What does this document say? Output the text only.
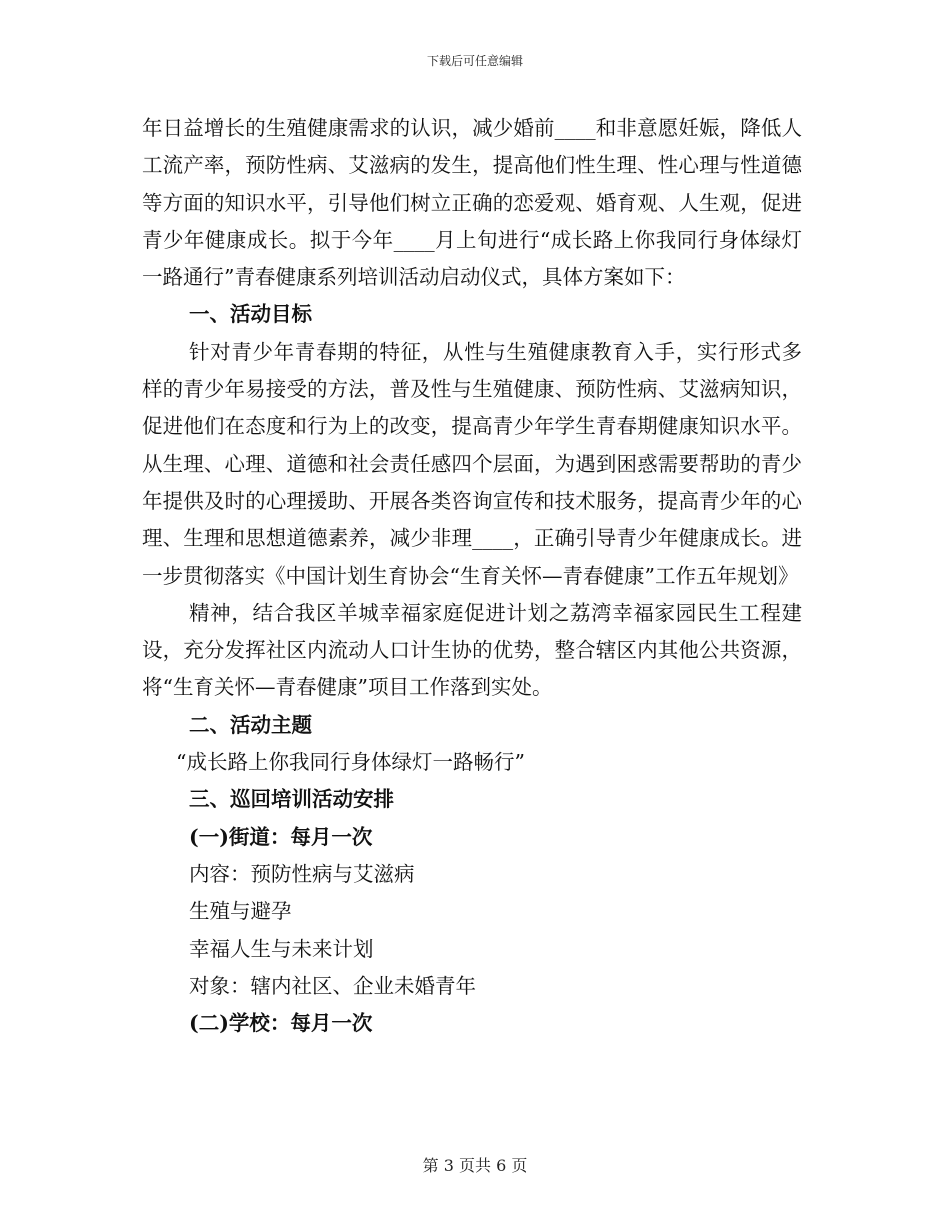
下载后可任意编辑

年日益增长的生殖健康需求的认识，减少婚前____和非意愿妊娠，降低人工流产率，预防性病、艾滋病的发生，提高他们性生理、性心理与性道德等方面的知识水平，引导他们树立正确的恋爱观、婚育观、人生观，促进青少年健康成长。拟于今年____月上旬进行“成长路上你我同行身体绿灯一路通行”青春健康系列培训活动启动仪式，具体方案如下：

一、活动目标

针对青少年青春期的特征，从性与生殖健康教育入手，实行形式多样的青少年易接受的方法，普及性与生殖健康、预防性病、艾滋病知识，促进他们在态度和行为上的改变，提高青少年学生青春期健康知识水平。从生理、心理、道德和社会责任感四个层面，为遇到困惑需要帮助的青少年提供及时的心理援助、开展各类咨询宣传和技术服务，提高青少年的心理、生理和思想道德素养，减少非理____，正确引导青少年健康成长。进一步贯彻落实《中国计划生育协会“生育关怀—青春健康”工作五年规划》

精神，结合我区羊城幸福家庭促进计划之荔湾幸福家园民生工程建设，充分发挥社区内流动人口计生协的优势，整合辖区内其他公共资源，将“生育关怀—青春健康”项目工作落到实处。

二、活动主题

“成长路上你我同行身体绿灯一路畅行”

三、巡回培训活动安排

(一)街道：每月一次

内容：预防性病与艾滋病

生殖与避孕

幸福人生与未来计划

对象：辖内社区、企业未婚青年

(二)学校：每月一次

第 3 页共 6 页
